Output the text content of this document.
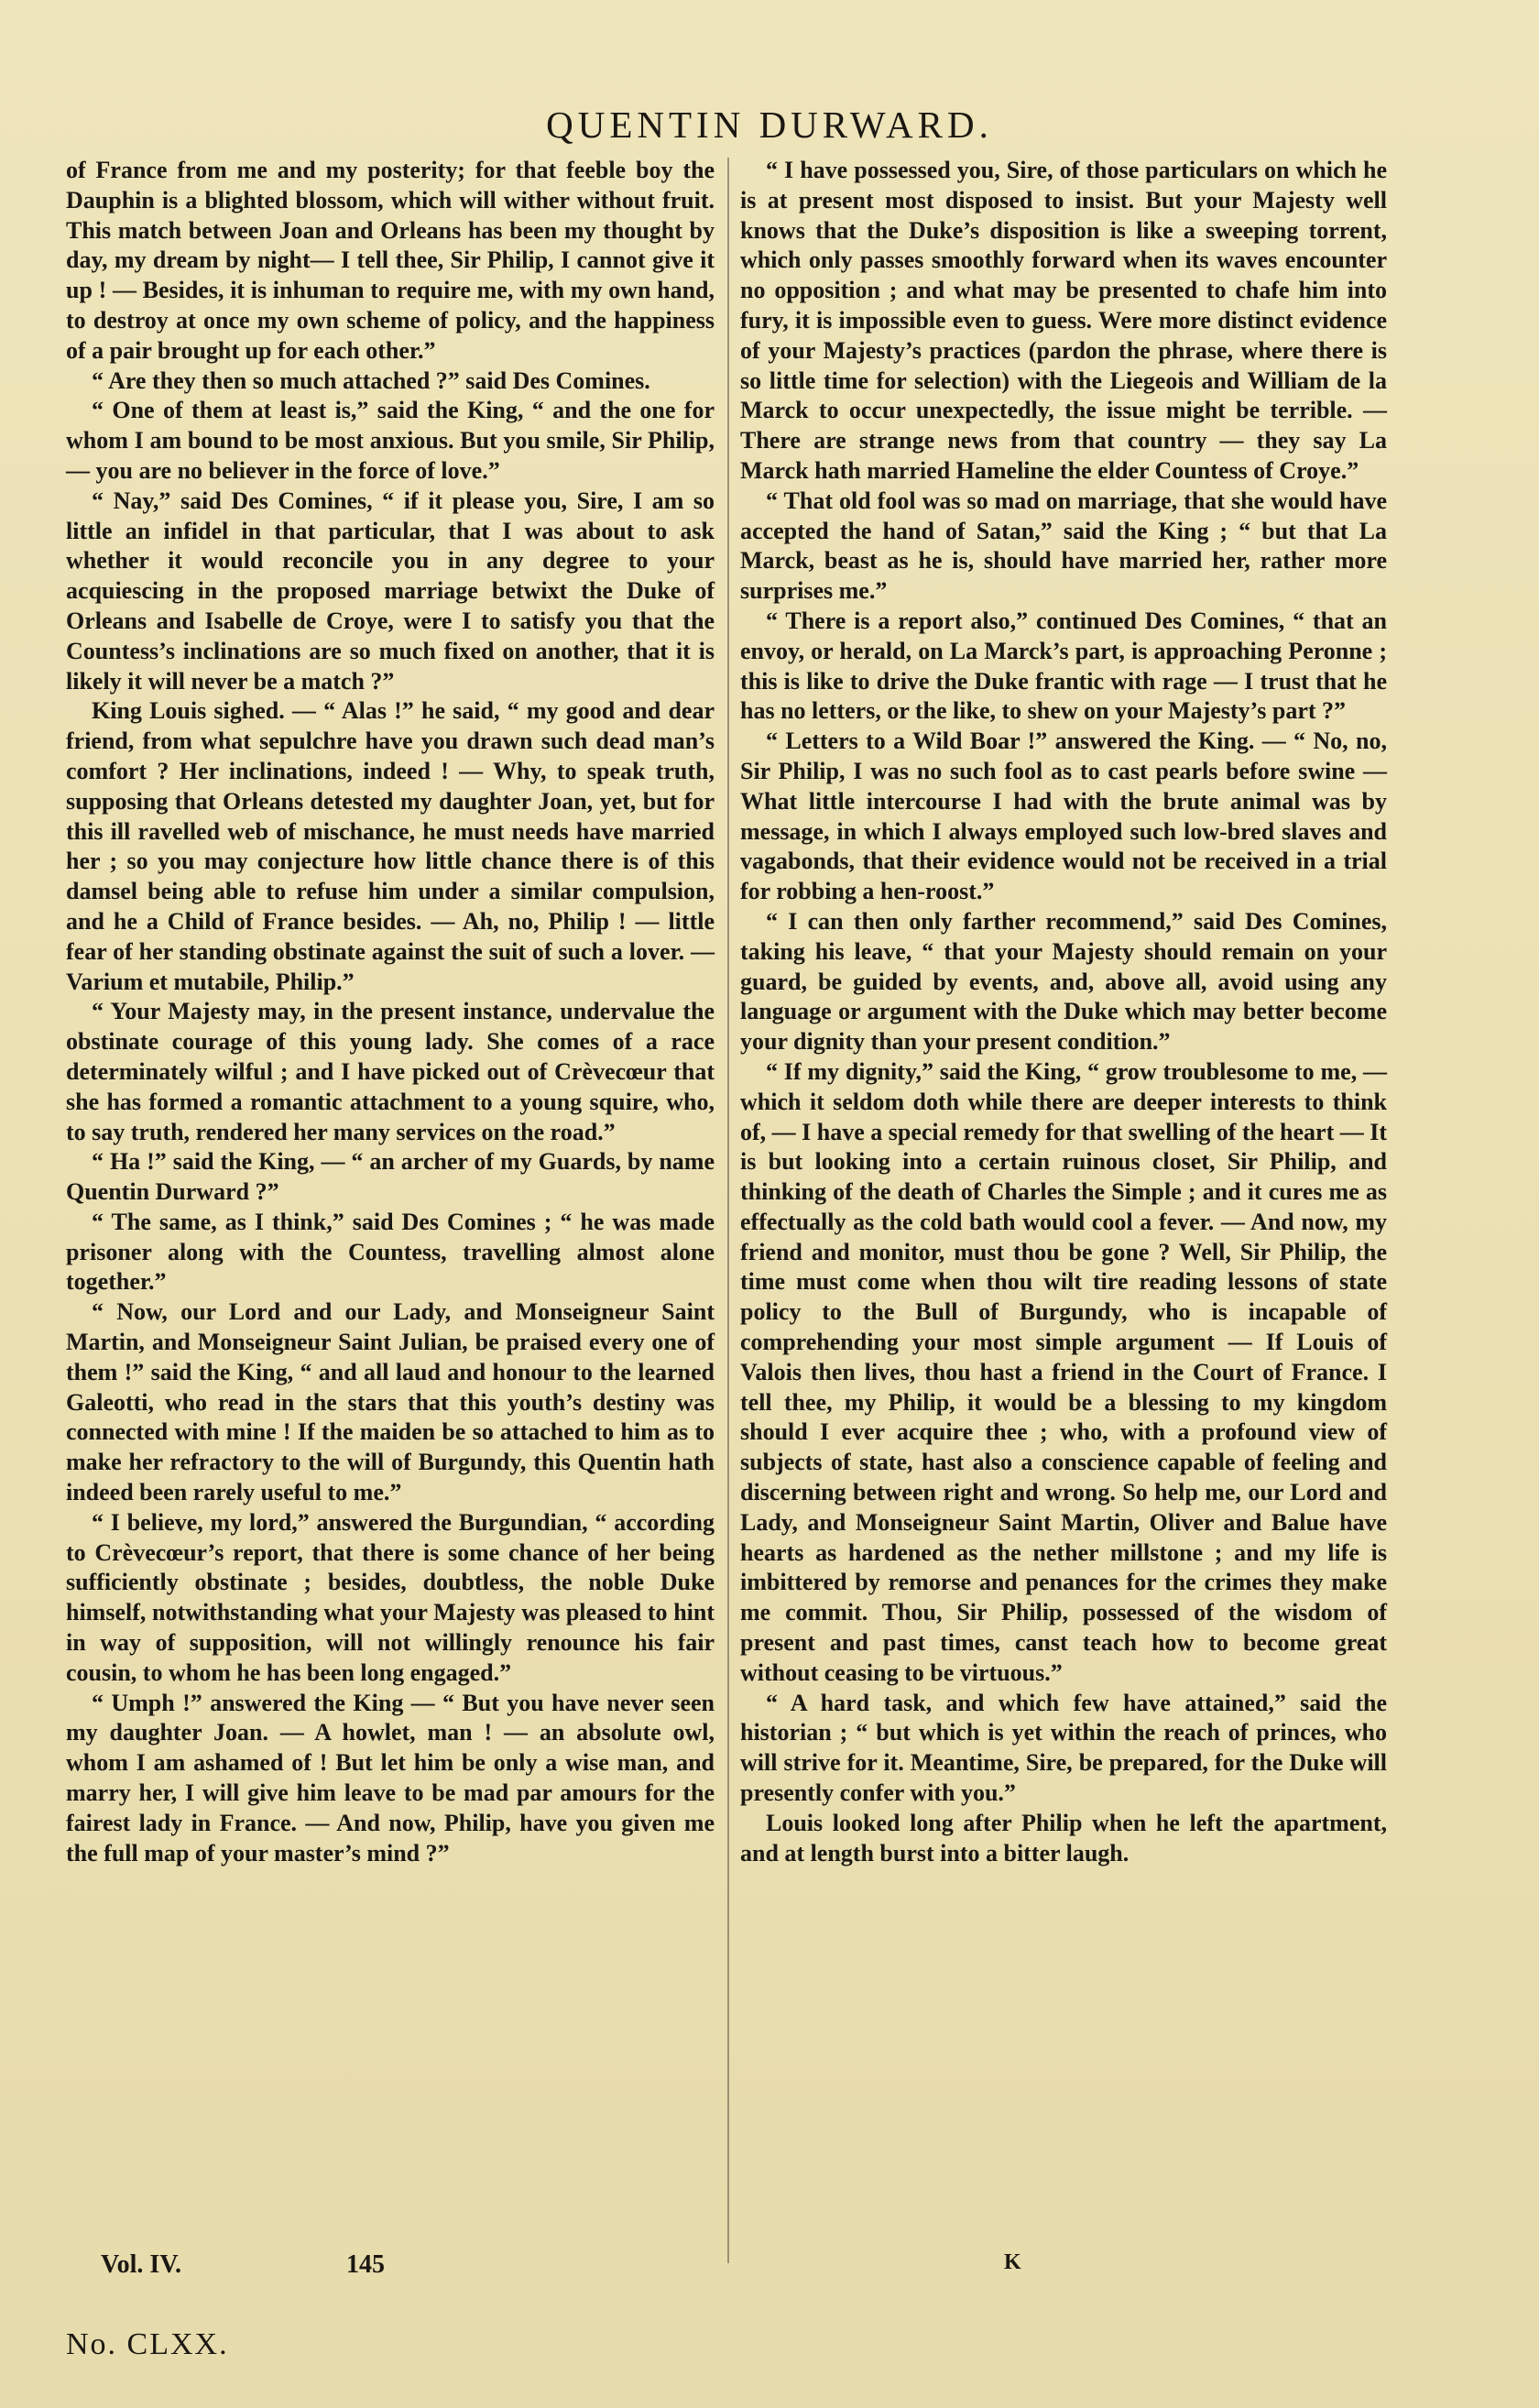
QUENTIN DURWARD.

of France from me and my posterity; for that feeble boy the Dauphin is a blighted blossom, which will wither without fruit. This match between Joan and Orleans has been my thought by day, my dream by night— I tell thee, Sir Philip, I cannot give it up ! — Besides, it is inhuman to require me, with my own hand, to destroy at once my own scheme of policy, and the happiness of a pair brought up for each other.”

“ Are they then so much attached ?” said Des Comines.

“ One of them at least is,” said the King, “ and the one for whom I am bound to be most anxious. But you smile, Sir Philip, — you are no believer in the force of love.”

“ Nay,” said Des Comines, “ if it please you, Sire, I am so little an infidel in that particular, that I was about to ask whether it would reconcile you in any degree to your acquiescing in the proposed marriage betwixt the Duke of Orleans and Isabelle de Croye, were I to satisfy you that the Countess’s inclinations are so much fixed on another, that it is likely it will never be a match ?”

King Louis sighed. — “ Alas !” he said, “ my good and dear friend, from what sepulchre have you drawn such dead man’s comfort ? Her inclinations, indeed ! — Why, to speak truth, supposing that Orleans detested my daughter Joan, yet, but for this ill ravelled web of mischance, he must needs have married her ; so you may conjecture how little chance there is of this damsel being able to refuse him under a similar compulsion, and he a Child of France besides. — Ah, no, Philip ! — little fear of her standing obstinate against the suit of such a lover. — Varium et mutabile, Philip.”

“ Your Majesty may, in the present instance, undervalue the obstinate courage of this young lady. She comes of a race determinately wilful ; and I have picked out of Crèvecœur that she has formed a romantic attachment to a young squire, who, to say truth, rendered her many services on the road.”

“ Ha !” said the King, — “ an archer of my Guards, by name Quentin Durward ?”

“ The same, as I think,” said Des Comines ; “ he was made prisoner along with the Countess, travelling almost alone together.”

“ Now, our Lord and our Lady, and Monseigneur Saint Martin, and Monseigneur Saint Julian, be praised every one of them !” said the King, “ and all laud and honour to the learned Galeotti, who read in the stars that this youth’s destiny was connected with mine ! If the maiden be so attached to him as to make her refractory to the will of Burgundy, this Quentin hath indeed been rarely useful to me.”

“ I believe, my lord,” answered the Burgundian, “ according to Crèvecœur’s report, that there is some chance of her being sufficiently obstinate ; besides, doubtless, the noble Duke himself, notwithstanding what your Majesty was pleased to hint in way of supposition, will not willingly renounce his fair cousin, to whom he has been long engaged.”

“ Umph !” answered the King — “ But you have never seen my daughter Joan. — A howlet, man ! — an absolute owl, whom I am ashamed of ! But let him be only a wise man, and marry her, I will give him leave to be mad par amours for the fairest lady in France. — And now, Philip, have you given me the full map of your master’s mind ?”

“ I have possessed you, Sire, of those particulars on which he is at present most disposed to insist. But your Majesty well knows that the Duke’s disposition is like a sweeping torrent, which only passes smoothly forward when its waves encounter no opposition ; and what may be presented to chafe him into fury, it is impossible even to guess. Were more distinct evidence of your Majesty’s practices (pardon the phrase, where there is so little time for selection) with the Liegeois and William de la Marck to occur unexpectedly, the issue might be terrible. — There are strange news from that country — they say La Marck hath married Hameline the elder Countess of Croye.”

“ That old fool was so mad on marriage, that she would have accepted the hand of Satan,” said the King ; “ but that La Marck, beast as he is, should have married her, rather more surprises me.”

“ There is a report also,” continued Des Comines, “ that an envoy, or herald, on La Marck’s part, is approaching Peronne ; this is like to drive the Duke frantic with rage — I trust that he has no letters, or the like, to shew on your Majesty’s part ?”

“ Letters to a Wild Boar !” answered the King. — “ No, no, Sir Philip, I was no such fool as to cast pearls before swine — What little intercourse I had with the brute animal was by message, in which I always employed such low-bred slaves and vagabonds, that their evidence would not be received in a trial for robbing a hen-roost.”

“ I can then only farther recommend,” said Des Comines, taking his leave, “ that your Majesty should remain on your guard, be guided by events, and, above all, avoid using any language or argument with the Duke which may better become your dignity than your present condition.”

“ If my dignity,” said the King, “ grow troublesome to me, — which it seldom doth while there are deeper interests to think of, — I have a special remedy for that swelling of the heart — It is but looking into a certain ruinous closet, Sir Philip, and thinking of the death of Charles the Simple ; and it cures me as effectually as the cold bath would cool a fever. — And now, my friend and monitor, must thou be gone ? Well, Sir Philip, the time must come when thou wilt tire reading lessons of state policy to the Bull of Burgundy, who is incapable of comprehending your most simple argument — If Louis of Valois then lives, thou hast a friend in the Court of France. I tell thee, my Philip, it would be a blessing to my kingdom should I ever acquire thee ; who, with a profound view of subjects of state, hast also a conscience capable of feeling and discerning between right and wrong. So help me, our Lord and Lady, and Monseigneur Saint Martin, Oliver and Balue have hearts as hardened as the nether millstone ; and my life is imbittered by remorse and penances for the crimes they make me commit. Thou, Sir Philip, possessed of the wisdom of present and past times, canst teach how to become great without ceasing to be virtuous.”

“ A hard task, and which few have attained,” said the historian ; “ but which is yet within the reach of princes, who will strive for it. Meantime, Sire, be prepared, for the Duke will presently confer with you.”

Louis looked long after Philip when he left the apartment, and at length burst into a bitter laugh.

Vol. IV.	145	K
No. CLXX.
